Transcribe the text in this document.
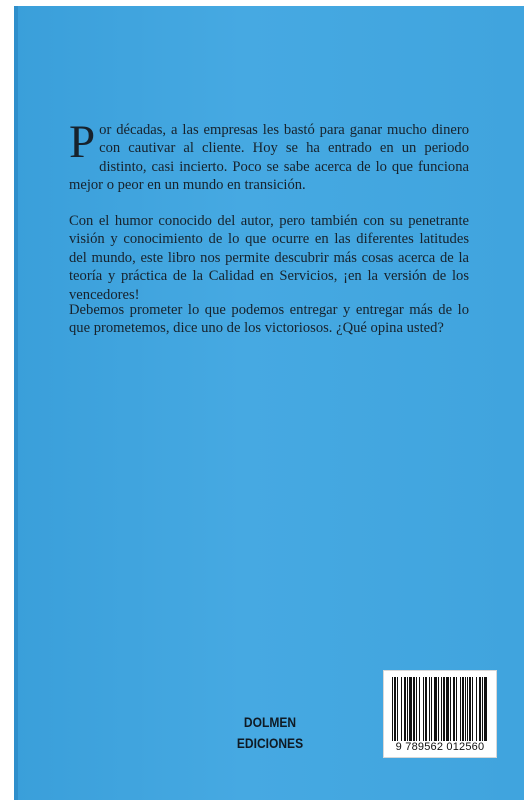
P or décadas, a las empresas les bastó para ganar mucho dinero con cautivar al cliente. Hoy se ha entrado en un periodo distinto, casi incierto. Poco se sabe acerca de lo que funciona mejor o peor en un mundo en transición.

Con el humor conocido del autor, pero también con su penetrante visión y conocimiento de lo que ocurre en las diferentes latitudes del mundo, este libro nos permite descubrir más cosas acerca de la teoría y práctica de la Calidad en Servicios, ¡en la versión de los vencedores!

Debemos prometer lo que podemos entregar y entregar más de lo que prometemos, dice uno de los victoriosos. ¿Qué opina usted?

DOLMEN
EDICIONES	9 789562 012560
